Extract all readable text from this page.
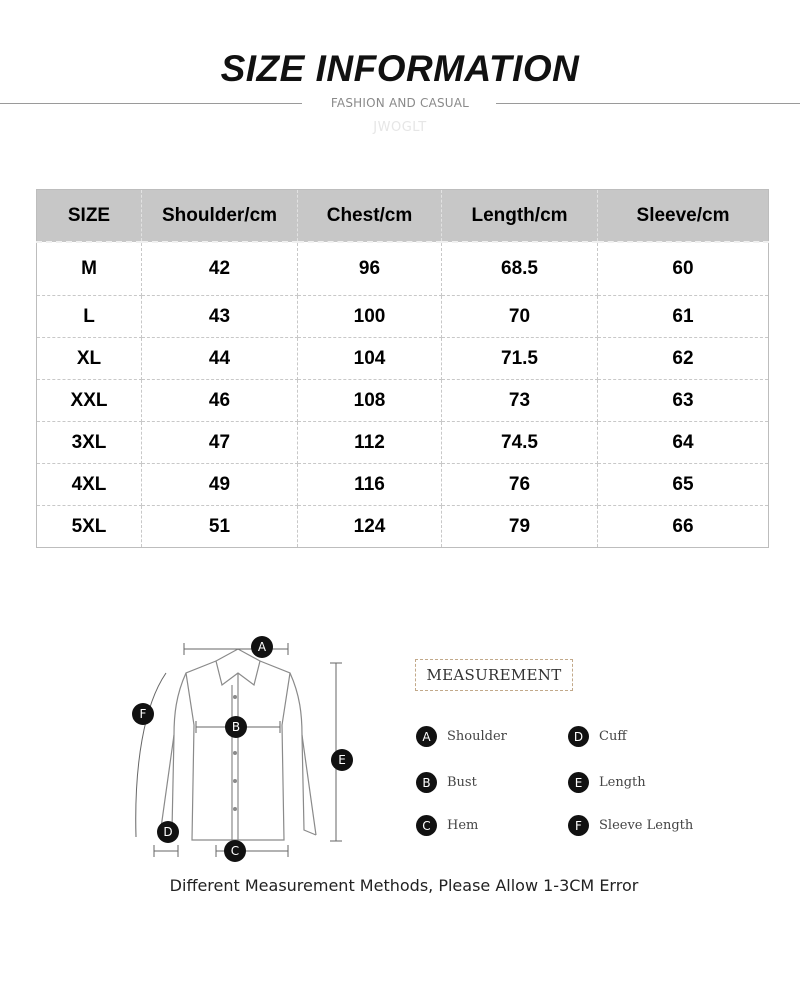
SIZE INFORMATION
FASHION AND CASUAL
JWOGLT
SIZE	Shoulder/cm	Chest/cm	Length/cm	Sleeve/cm
M	42	96	68.5	60
L	43	100	70	61
XL	44	104	71.5	62
XXL	46	108	73	63
3XL	47	112	74.5	64
4XL	49	116	76	65
5XL	51	124	79	66
A
B
C
D
E
F
MEASUREMENT
A	Shoulder
B	Bust
C	Hem
D	Cuff
E	Length
F	Sleeve Length
Different Measurement Methods, Please Allow 1-3CM Error
